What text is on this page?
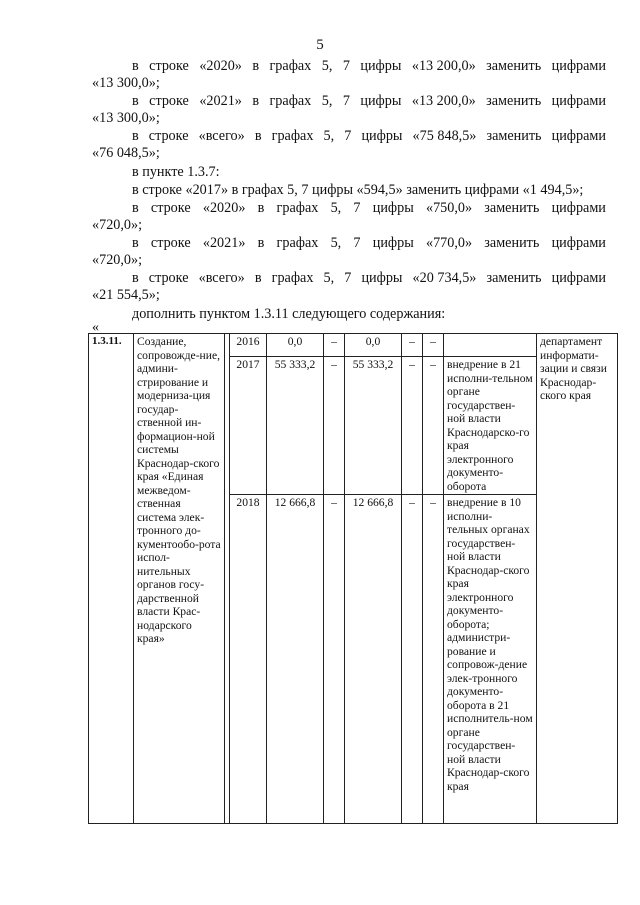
5
в строке «2020» в графах 5, 7 цифры «13 200,0» заменить цифрами
«13 300,0»;
в строке «2021» в графах 5, 7 цифры «13 200,0» заменить цифрами
«13 300,0»;
в строке «всего» в графах 5, 7 цифры «75 848,5» заменить цифрами
«76 048,5»;
в пункте 1.3.7:
в строке «2017» в графах 5, 7 цифры «594,5» заменить цифрами «1 494,5»;
в строке «2020» в графах 5, 7 цифры «750,0» заменить цифрами
«720,0»;
в строке «2021» в графах 5, 7 цифры «770,0» заменить цифрами
«720,0»;
в строке «всего» в графах 5, 7 цифры «20 734,5» заменить цифрами
«21 554,5»;
дополнить пунктом 1.3.11 следующего содержания:
«
1.3.11.	Создание, сопровожде-ние, админи-стрирование и модерниза-ция государ-ственной ин-формацион-ной системы Краснодар-ского края «Единая межведом-ственная система элек-тронного до-кументообо-рота испол-нительных органов госу-дарственной власти Крас-нодарского края»		2016	0,0	–	0,0	–	–		департамент информати-зации и связи Краснодар-ского края
			2017	55 333,2	–	55 333,2	–	–	внедрение в 21 исполни-тельном органе государствен-ной власти Краснодарско-го края электронного документо-оборота	
			2018	12 666,8	–	12 666,8	–	–	внедрение в 10 исполни-тельных органах государствен-ной власти Краснодар-ского края электронного документо-оборота; администри-рование и сопровож-дение элек-тронного документо-оборота в 21 исполнитель-ном органе государствен-ной власти Краснодар-ского края	
